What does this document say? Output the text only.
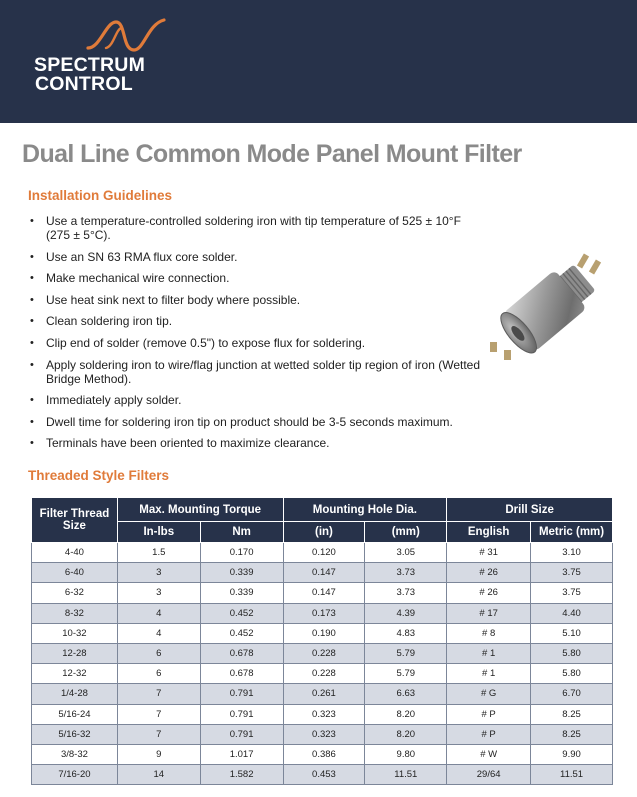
SPECTRUM
CONTROL
Dual Line Common Mode Panel Mount Filter
Installation Guidelines
• Use a temperature-controlled soldering iron with tip temperature of 525 ± 10°F (275 ± 5°C).
• Use an SN 63 RMA flux core solder.
• Make mechanical wire connection.
• Use heat sink next to filter body where possible.
• Clean soldering iron tip.
• Clip end of solder (remove 0.5") to expose flux for soldering.
• Apply soldering iron to wire/flag junction at wetted solder tip region of iron (Wetted Bridge Method).
• Immediately apply solder.
• Dwell time for soldering iron tip on product should be 3-5 seconds maximum.
• Terminals have been oriented to maximize clearance.
Threaded Style Filters
Filter Thread Size	Max. Mounting Torque		Mounting Hole Dia.		Drill Size	
	In-lbs	Nm	(in)	(mm)	English	Metric (mm)
4-40	1.5	0.170	0.120	3.05	# 31	3.10
6-40	3	0.339	0.147	3.73	# 26	3.75
6-32	3	0.339	0.147	3.73	# 26	3.75
8-32	4	0.452	0.173	4.39	# 17	4.40
10-32	4	0.452	0.190	4.83	# 8	5.10
12-28	6	0.678	0.228	5.79	# 1	5.80
12-32	6	0.678	0.228	5.79	# 1	5.80
1/4-28	7	0.791	0.261	6.63	# G	6.70
5/16-24	7	0.791	0.323	8.20	# P	8.25
5/16-32	7	0.791	0.323	8.20	# P	8.25
3/8-32	9	1.017	0.386	9.80	# W	9.90
7/16-20	14	1.582	0.453	11.51	29/64	11.51
